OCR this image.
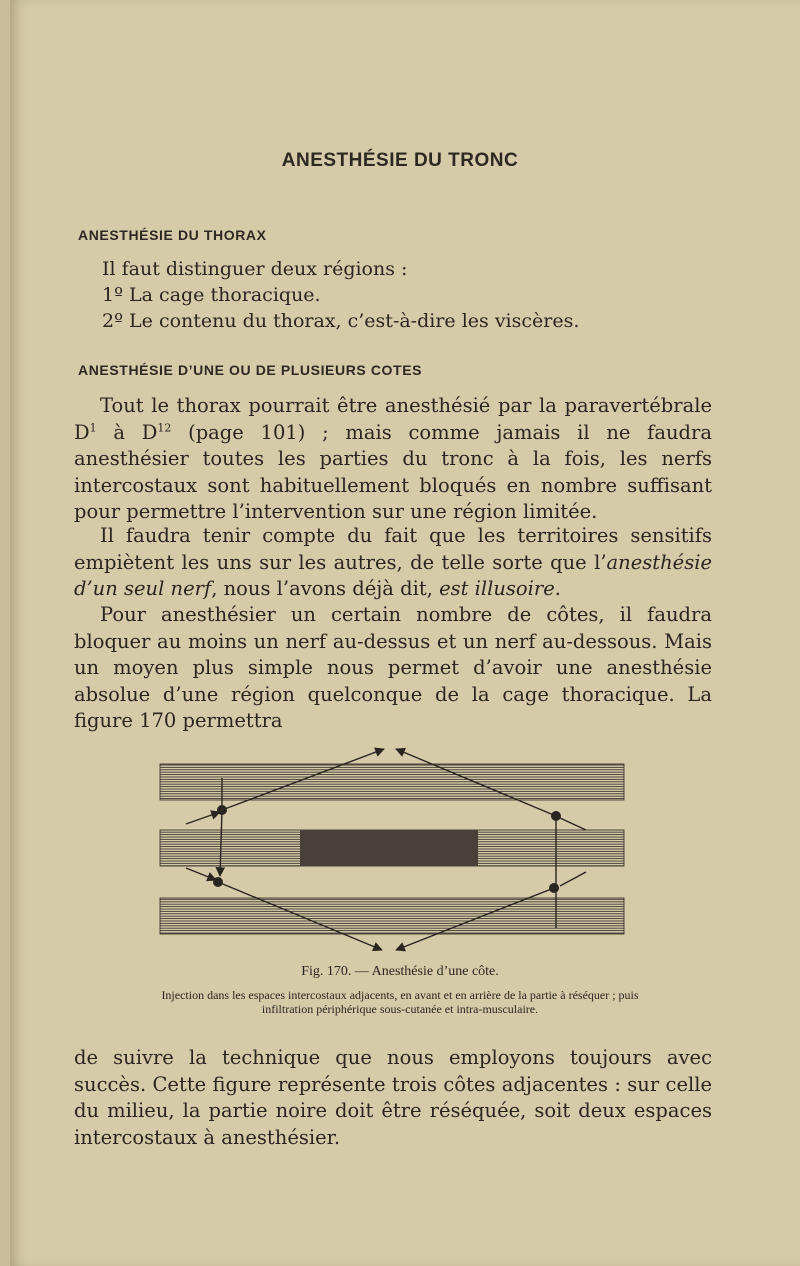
ANESTHÉSIE DU TRONC
ANESTHÉSIE DU THORAX
Il faut distinguer deux régions :
1º La cage thoracique.
2º Le contenu du thorax, c’est-à-dire les viscères.
ANESTHÉSIE D’UNE OU DE PLUSIEURS COTES
Tout le thorax pourrait être anesthésié par la paravertébrale $D^1$ à $D^{12}$ (page 101) ; mais comme jamais il ne faudra anesthésier toutes les parties du tronc à la fois, les nerfs intercostaux sont habituellement bloqués en nombre suffisant pour permettre l’intervention sur une région limitée.
Il faudra tenir compte du fait que les territoires sensitifs empiètent les uns sur les autres, de telle sorte que l’anesthésie d’un seul nerf, nous l’avons déjà dit, est illusoire.
Pour anesthésier un certain nombre de côtes, il faudra bloquer au moins un nerf au-dessus et un nerf au-dessous. Mais un moyen plus simple nous permet d’avoir une anesthésie absolue d’une région quelconque de la cage thoracique. La figure 170 permettra
Fig. 170. — Anesthésie d’une côte.
Injection dans les espaces intercostaux adjacents, en avant et en arrière de la partie à réséquer ; puis infiltration périphérique sous-cutanée et intra-musculaire.
de suivre la technique que nous employons toujours avec succès. Cette figure représente trois côtes adjacentes : sur celle du milieu, la partie noire doit être réséquée, soit deux espaces intercostaux à anesthésier.
